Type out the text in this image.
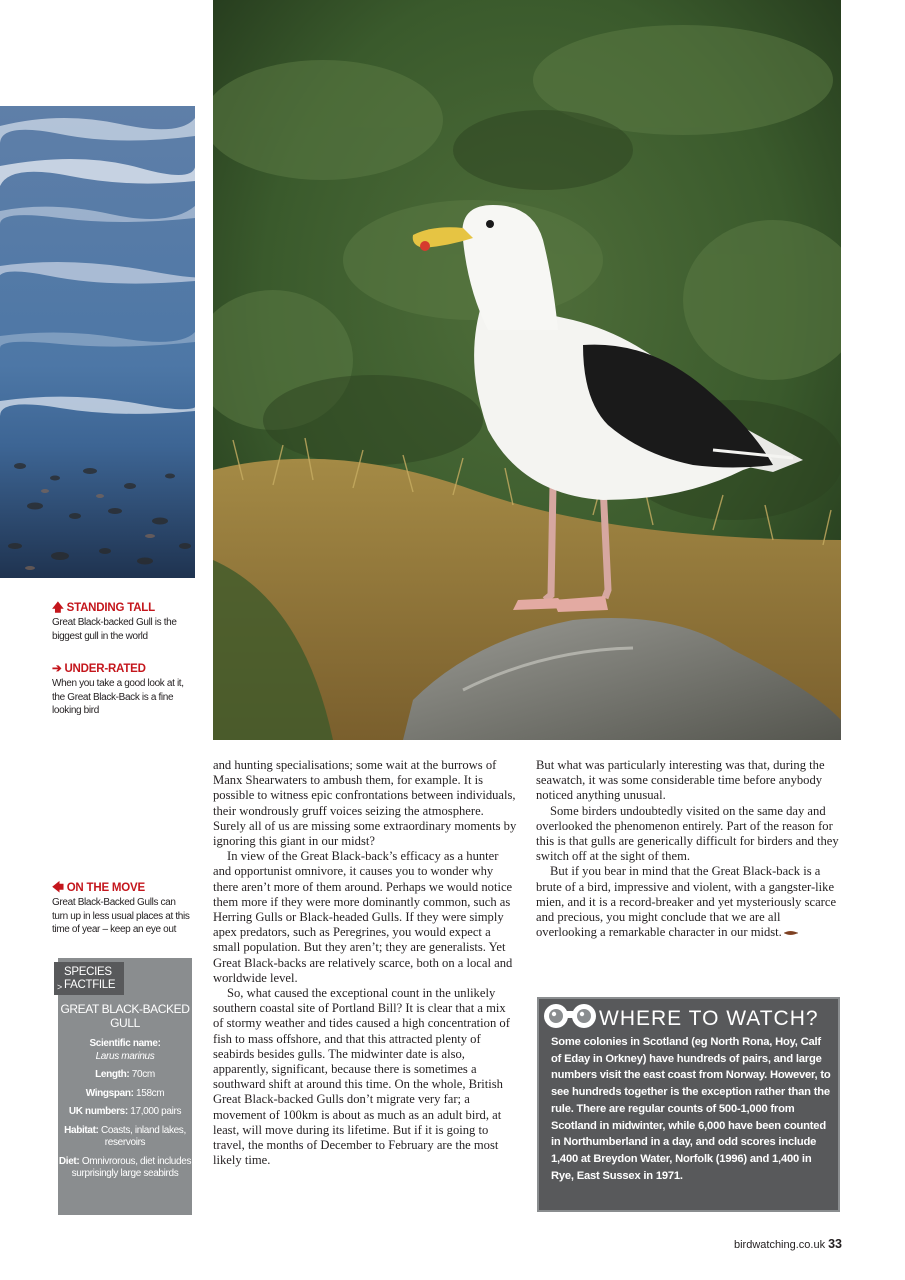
🡅 STANDING TALL
Great Black-backed Gull is the biggest gull in the world
➔ UNDER-RATED
When you take a good look at it, the Great Black-Back is a fine looking bird
🡄 ON THE MOVE
Great Black-Backed Gulls can turn up in less usual places at this time of year – keep an eye out
>
SPECIES
FACTFILE
GREAT BLACK-BACKED GULL
Scientific name:
Larus marinus
Length: 70cm
Wingspan: 158cm
UK numbers: 17,000 pairs
Habitat: Coasts, inland lakes, reservoirs
Diet: Omnivrorous, diet includes surprisingly large seabirds

and hunting specialisations; some wait at the burrows of Manx Shearwaters to ambush them, for example. It is possible to witness epic confrontations between individuals, their wondrously gruff voices seizing the atmosphere. Surely all of us are missing some extraordinary moments by ignoring this giant in our midst?

In view of the Great Black-back’s efficacy as a hunter and opportunist omnivore, it causes you to wonder why there aren’t more of them around. Perhaps we would notice them more if they were more dominantly common, such as Herring Gulls or Black-headed Gulls. If they were simply apex predators, such as Peregrines, you would expect a small population. But they aren’t; they are generalists. Yet Great Black-backs are relatively scarce, both on a local and worldwide level.

So, what caused the exceptional count in the unlikely southern coastal site of Portland Bill? It is clear that a mix of stormy weather and tides caused a high concentration of fish to mass offshore, and that this attracted plenty of seabirds besides gulls. The midwinter date is also, apparently, significant, because there is sometimes a southward shift at around this time. On the whole, British Great Black-backed Gulls don’t migrate very far; a movement of 100km is about as much as an adult bird, at least, will move during its lifetime. But if it is going to travel, the months of December to February are the most likely time.

But what was particularly interesting was that, during the seawatch, it was some considerable time before anybody noticed anything unusual.

Some birders undoubtedly visited on the same day and overlooked the phenomenon entirely. Part of the reason for this is that gulls are generically difficult for birders and they switch off at the sight of them.

But if you bear in mind that the Great Black-back is a brute of a bird, impressive and violent, with a gangster-like mien, and it is a record-breaker and yet mysteriously scarce and precious, you might conclude that we are all overlooking a remarkable character in our midst.

WHERE TO WATCH?
Some colonies in Scotland (eg North Rona, Hoy, Calf of Eday in Orkney) have hundreds of pairs, and large numbers visit the east coast from Norway. However, to see hundreds together is the exception rather than the rule. There are regular counts of 500-1,000 from Scotland in midwinter, while 6,000 have been counted in Northumberland in a day, and odd scores include 1,400 at Breydon Water, Norfolk (1996) and 1,400 in Rye, East Sussex in 1971.
birdwatching.co.uk 33
